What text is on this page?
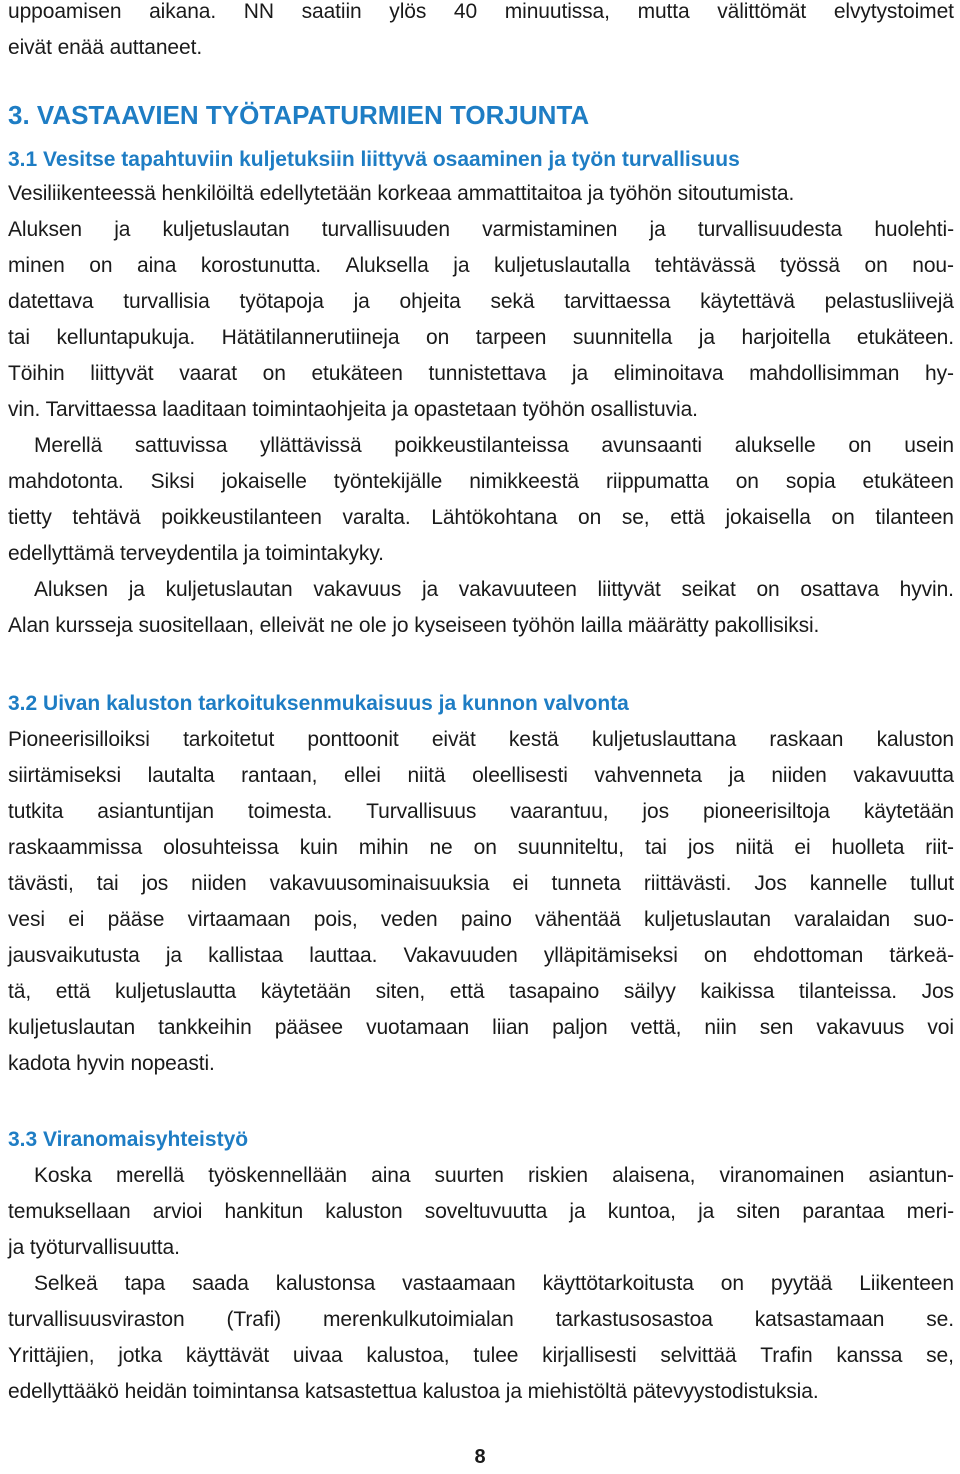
uppoamisen aikana. NN saatiin ylös 40 minuutissa, mutta välittömät elvytystoimet
eivät enää auttaneet.
3. VASTAAVIEN TYÖTAPATURMIEN TORJUNTA
3.1 Vesitse tapahtuviin kuljetuksiin liittyvä osaaminen ja työn turvallisuus
Vesiliikenteessä henkilöiltä edellytetään korkeaa ammattitaitoa ja työhön sitoutumista.
Aluksen ja kuljetuslautan turvallisuuden varmistaminen ja turvallisuudesta huolehti-
minen on aina korostunutta. Aluksella ja kuljetuslautalla tehtävässä työssä on nou-
datettava turvallisia työtapoja ja ohjeita sekä tarvittaessa käytettävä pelastusliivejä
tai kelluntapukuja. Hätätilannerutiineja on tarpeen suunnitella ja harjoitella etukäteen.
Töihin liittyvät vaarat on etukäteen tunnistettava ja eliminoitava mahdollisimman hy-
vin. Tarvittaessa laaditaan toimintaohjeita ja opastetaan työhön osallistuvia.
Merellä sattuvissa yllättävissä poikkeustilanteissa avunsaanti alukselle on usein
mahdotonta. Siksi jokaiselle työntekijälle nimikkeestä riippumatta on sopia etukäteen
tietty tehtävä poikkeustilanteen varalta. Lähtökohtana on se, että jokaisella on tilanteen
edellyttämä terveydentila ja toimintakyky.
Aluksen ja kuljetuslautan vakavuus ja vakavuuteen liittyvät seikat on osattava hyvin.
Alan kursseja suositellaan, elleivät ne ole jo kyseiseen työhön lailla määrätty pakollisiksi.
3.2 Uivan kaluston tarkoituksenmukaisuus ja kunnon valvonta
Pioneerisilloiksi tarkoitetut ponttoonit eivät kestä kuljetuslauttana raskaan kaluston
siirtämiseksi lautalta rantaan, ellei niitä oleellisesti vahvenneta ja niiden vakavuutta
tutkita asiantuntijan toimesta. Turvallisuus vaarantuu, jos pioneerisiltoja käytetään
raskaammissa olosuhteissa kuin mihin ne on suunniteltu, tai jos niitä ei huolleta riit-
tävästi, tai jos niiden vakavuusominaisuuksia ei tunneta riittävästi. Jos kannelle tullut
vesi ei pääse virtaamaan pois, veden paino vähentää kuljetuslautan varalaidan suo-
jausvaikutusta ja kallistaa lauttaa. Vakavuuden ylläpitämiseksi on ehdottoman tärkeä-
tä, että kuljetuslautta käytetään siten, että tasapaino säilyy kaikissa tilanteissa. Jos
kuljetuslautan tankkeihin pääsee vuotamaan liian paljon vettä, niin sen vakavuus voi
kadota hyvin nopeasti.
3.3 Viranomaisyhteistyö
Koska merellä työskennellään aina suurten riskien alaisena, viranomainen asiantun-
temuksellaan arvioi hankitun kaluston soveltuvuutta ja kuntoa, ja siten parantaa meri-
ja työturvallisuutta.
Selkeä tapa saada kalustonsa vastaamaan käyttötarkoitusta on pyytää Liikenteen
turvallisuusviraston (Trafi) merenkulkutoimialan tarkastusosastoa katsastamaan se.
Yrittäjien, jotka käyttävät uivaa kalustoa, tulee kirjallisesti selvittää Trafin kanssa se,
edellyttääkö heidän toimintansa katsastettua kalustoa ja miehistöltä pätevyystodistuksia.
8
